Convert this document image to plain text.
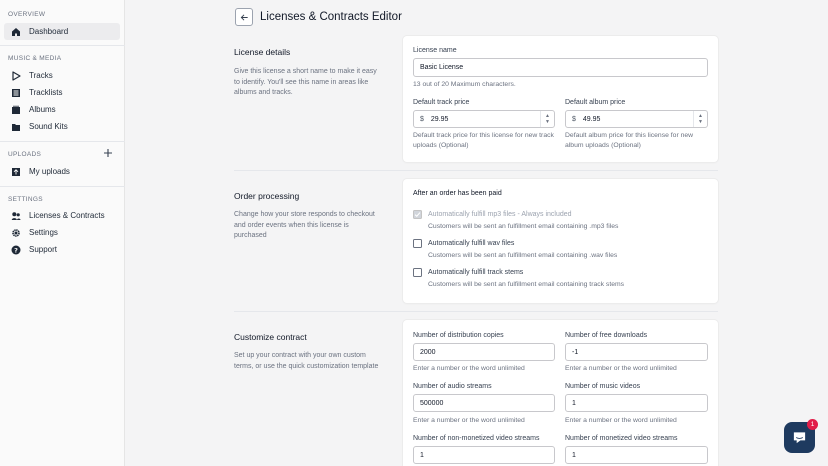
OVERVIEW
Dashboard
MUSIC & MEDIA
Tracks
Tracklists
Albums
Sound Kits
UPLOADS
My uploads
SETTINGS
Licenses & Contracts
Settings
? Support
Licenses & Contracts Editor
License details
Give this license a short name to make it easy to identify. You'll see this name in areas like albums and tracks.
License name
Basic License
13 out of 20 Maximum characters.
Default track price
$ 29.95	▲
▼
Default track price for this license for new track uploads (Optional)
Default album price
$ 49.95	▲
▼
Default album price for this license for new album uploads (Optional)
Order processing
Change how your store responds to checkout and order events when this license is purchased
After an order has been paid
Automatically fulfill mp3 files - Always included
Customers will be sent an fulfillment email containing .mp3 files
Automatically fulfill wav files
Customers will be sent an fulfillment email containing .wav files
Automatically fulfill track stems
Customers will be sent an fulfillment email containing track stems
Customize contract
Set up your contract with your own custom terms, or use the quick customization template
Number of distribution copies
2000
Enter a number or the word unlimited
Number of free downloads
-1
Enter a number or the word unlimited
Number of audio streams
500000
Enter a number or the word unlimited
Number of music videos
1
Enter a number or the word unlimited
Number of non-monetized video streams
1
Number of monetized video streams
1
1
